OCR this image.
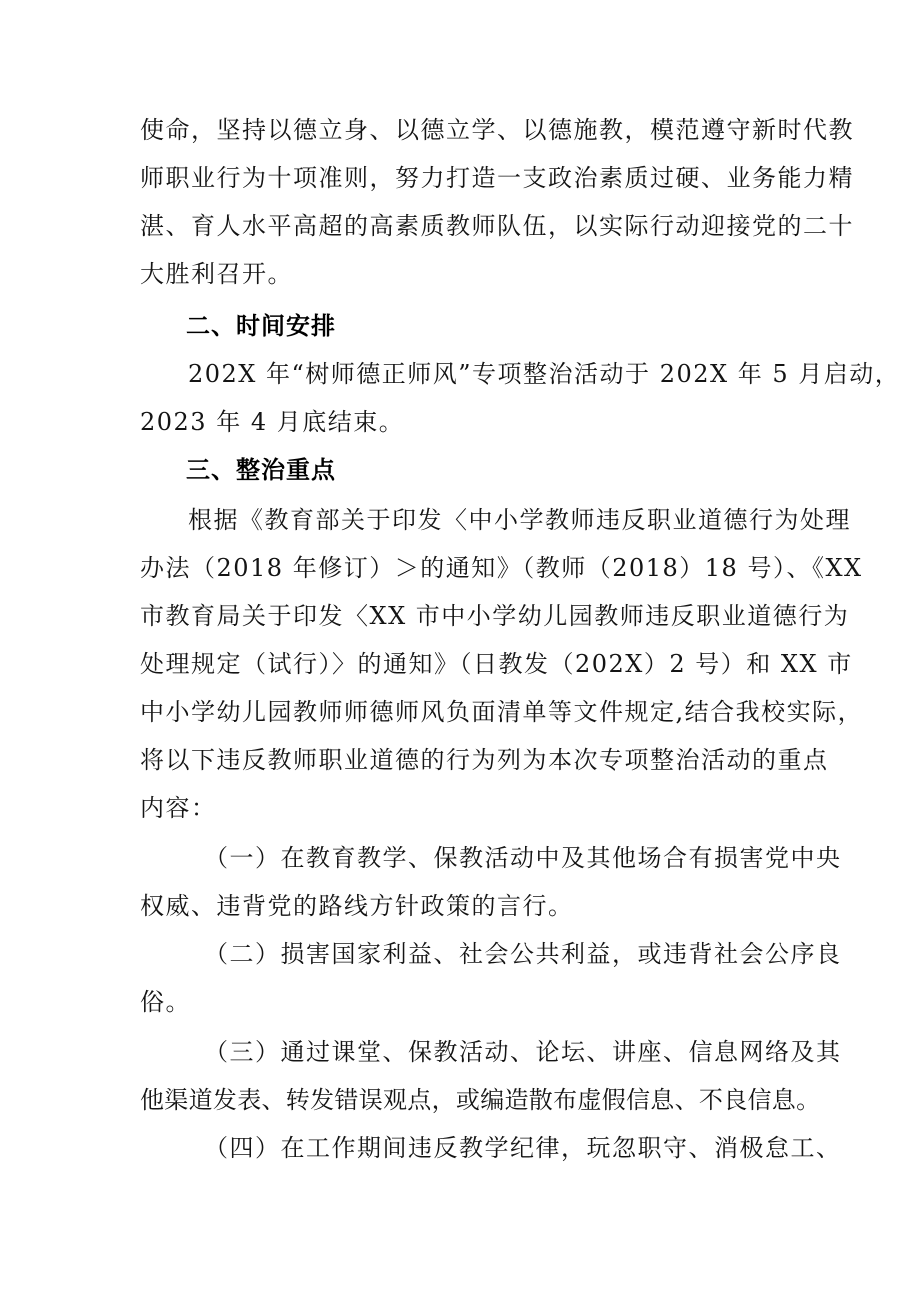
使命，坚持以德立身、以德立学、以德施教，模范遵守新时代教
师职业行为十项准则，努力打造一支政治素质过硬、业务能力精
湛、育人水平高超的高素质教师队伍，以实际行动迎接党的二十
大胜利召开。
二、时间安排
202X 年“树师德正师风”专项整治活动于 202X 年 5 月启动，
2023 年 4 月底结束。
三、整治重点
根据《教育部关于印发〈中小学教师违反职业道德行为处理
办法（2018 年修订）＞的通知》（教师（2018）18 号）、《XX
市教育局关于印发〈XX 市中小学幼儿园教师违反职业道德行为
处理规定（试行）〉的通知》（日教发（202X）2 号）和 XX 市
中小学幼儿园教师师德师风负面清单等文件规定,结合我校实际，
将以下违反教师职业道德的行为列为本次专项整治活动的重点
内容：
（一）在教育教学、保教活动中及其他场合有损害党中央
权威、违背党的路线方针政策的言行。
（二）损害国家利益、社会公共利益，或违背社会公序良
俗。
（三）通过课堂、保教活动、论坛、讲座、信息网络及其
他渠道发表、转发错误观点，或编造散布虚假信息、不良信息。
（四）在工作期间违反教学纪律，玩忽职守、消极怠工、
